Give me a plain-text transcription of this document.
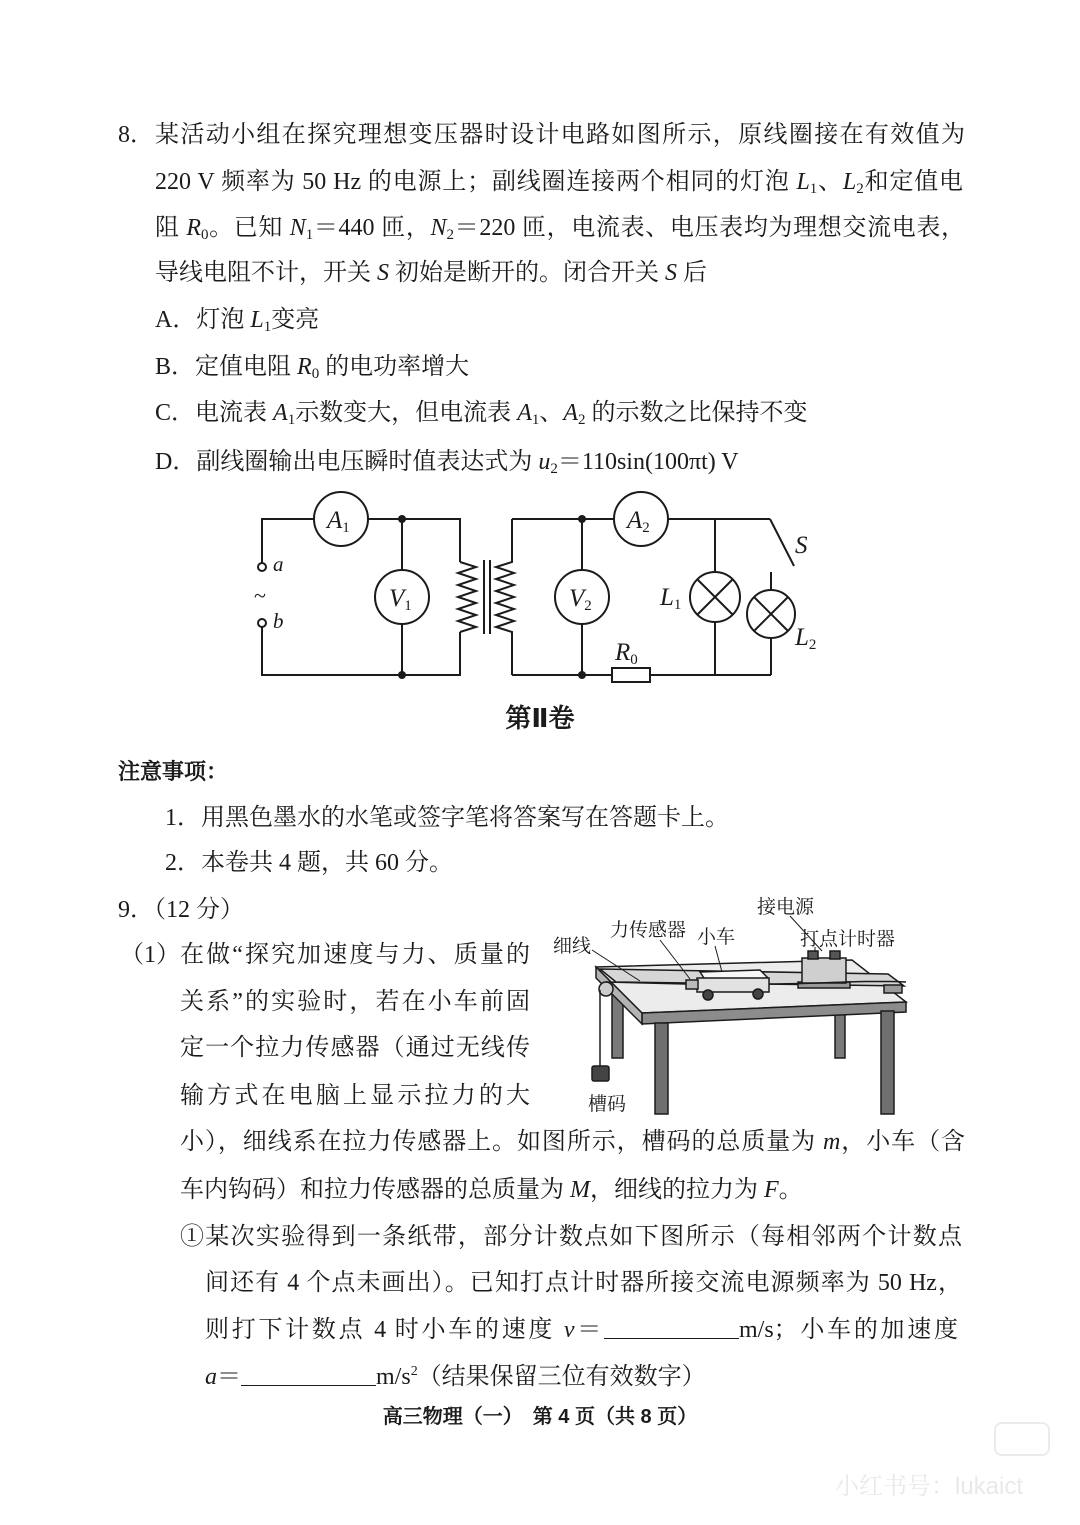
8． 某活动小组在探究理想变压器时设计电路如图所示，原线圈接在有效值为
220 V 频率为 50 Hz 的电源上；副线圈连接两个相同的灯泡 L1、L2和定值电
阻 R0。已知 N1＝440 匝，N2＝220 匝，电流表、电压表均为理想交流电表，
导线电阻不计，开关 S 初始是断开的。闭合开关 S 后
A．灯泡 L1变亮
B．定值电阻 R0 的电功率增大
C．电流表 A1示数变大，但电流表 A1、A2 的示数之比保持不变
D．副线圈输出电压瞬时值表达式为 u2＝110sin(100πt) V
a
~
b
A1
V1
A2
V2	L1
L2
R0
S
第Ⅱ卷
注意事项：
1．用黑色墨水的水笔或签字笔将答案写在答题卡上。
2．本卷共 4 题，共 60 分。
9．（12 分）
（1） 在做“探究加速度与力、质量的
关系”的实验时，若在小车前固
定一个拉力传感器（通过无线传
输方式在电脑上显示拉力的大
小），细线系在拉力传感器上。如图所示，槽码的总质量为 m，小车（含
车内钩码）和拉力传感器的总质量为 M，细线的拉力为 F。
①某次实验得到一条纸带，部分计数点如下图所示（每相邻两个计数点
间还有 4 个点未画出）。已知打点计时器所接交流电源频率为 50 Hz，
则打下计数点 4 时小车的速度 v＝	m/s；小车的加速度
a＝	$m/s^2$（结果保留三位有效数字）
接电源
细线
力传感器 小车	打点计时器
槽码
高三物理（一）　第 4 页（共 8 页）
小红书号：lukaict
